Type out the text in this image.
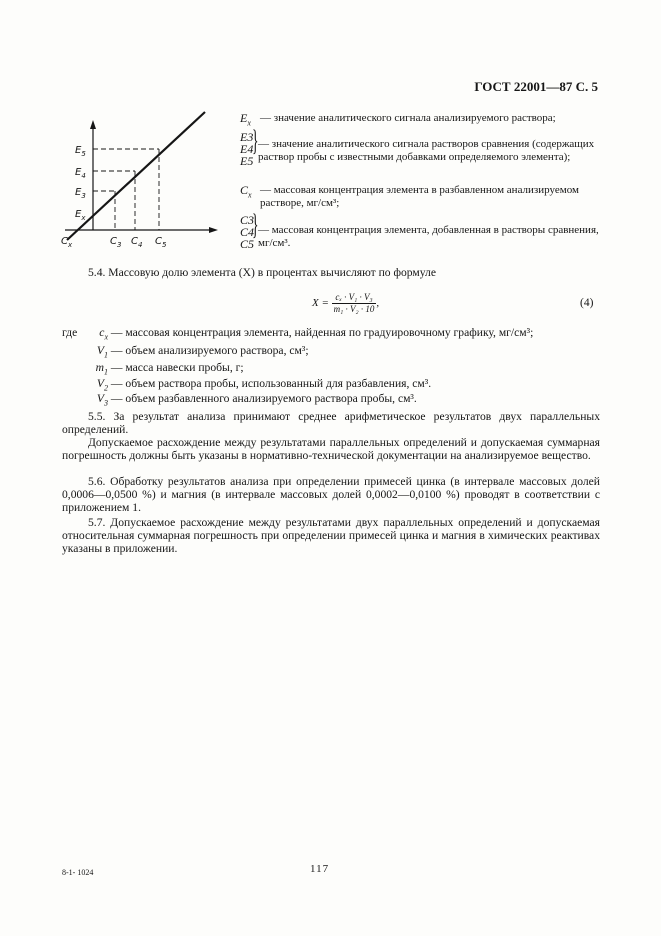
ГОСТ 22001—87 С. 5
$E_5$
$E_4$
$E_3$
$E_x$
$C_x$	$C_3$ $C_4$ $C_5$
$E_x$ — значение аналитического сигнала анализируемого раствора;
E3
E4
E5
} — значение аналитического сигнала растворов сравнения (содержащих раствор пробы с известными добавками определяемого элемента);
$C_x$ — массовая концентрация элемента в разбавленном анализируемом растворе, мг/см³;
C3
C4
C5
} — массовая концентрация элемента, добавленная в растворы сравнения, мг/см³.
5.4. Массовую долю элемента (X) в процентах вычисляют по формуле
$X = \frac{\text{cₓ · V₁ · V₃}}{\text{m₁ · V₂ · 10}}$ ,	(4)
где $c_x$ — массовая концентрация элемента, найденная по градуировочному графику, мг/см³;
$V_1$ — объем анализируемого раствора, см³;
$m_1$ — масса навески пробы, г;
$V_2$ — объем раствора пробы, использованный для разбавления, см³.
$V_3$ — объем разбавленного анализируемого раствора пробы, см³.
5.5. За результат анализа принимают среднее арифметическое результатов двух параллельных определений.
Допускаемое расхождение между результатами параллельных определений и допускаемая суммарная погрешность должны быть указаны в нормативно-технической документации на анализируемое вещество.
5.6. Обработку результатов анализа при определении примесей цинка (в интервале массовых долей 0,0006—0,0500 %) и магния (в интервале массовых долей 0,0002—0,0100 %) проводят в соответствии с приложением 1.
5.7. Допускаемое расхождение между результатами двух параллельных определений и допускаемая относительная суммарная погрешность при определении примесей цинка и магния в химических реактивах указаны в приложении.
8-1- 1024	117
